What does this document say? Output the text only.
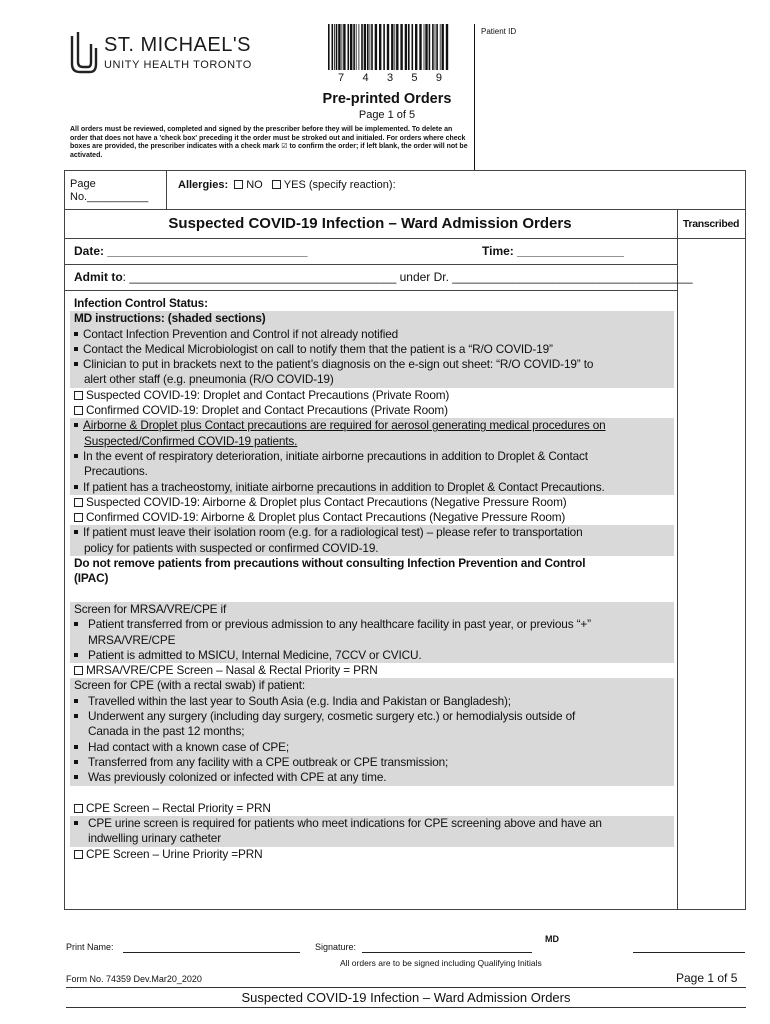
ST. MICHAEL'S
UNITY HEALTH TORONTO
7 4 3 5 9
Patient ID
Pre-printed Orders
Page 1 of 5
All orders must be reviewed, completed and signed by the prescriber before they will be implemented. To delete an order that does not have a 'check box' preceding it the order must be stroked out and initialed. For orders where check boxes are provided, the prescriber indicates with a check mark ☑ to confirm the order; if left blank, the order will not be activated.
Page
No.__________
Allergies: NO YES (specify reaction):
Suspected COVID-19 Infection – Ward Admission Orders	Transcribed
Date: ______________________________	Time: ________________
Admit to: ________________________________________ under Dr. ____________________________________
Infection Control Status:
MD instructions: (shaded sections)
Contact Infection Prevention and Control if not already notified
Contact the Medical Microbiologist on call to notify them that the patient is a “R/O COVID-19”
Clinician to put in brackets next to the patient’s diagnosis on the e-sign out sheet: “R/O COVID-19” to
alert other staff (e.g. pneumonia (R/O COVID-19)
Suspected COVID-19: Droplet and Contact Precautions (Private Room)
Confirmed COVID-19: Droplet and Contact Precautions (Private Room)
Airborne & Droplet plus Contact precautions are required for aerosol generating medical procedures on
Suspected/Confirmed COVID-19 patients.
In the event of respiratory deterioration, initiate airborne precautions in addition to Droplet & Contact
Precautions.
If patient has a tracheostomy, initiate airborne precautions in addition to Droplet & Contact Precautions.
Suspected COVID-19: Airborne & Droplet plus Contact Precautions (Negative Pressure Room)
Confirmed COVID-19: Airborne & Droplet plus Contact Precautions (Negative Pressure Room)
If patient must leave their isolation room (e.g. for a radiological test) – please refer to transportation
policy for patients with suspected or confirmed COVID-19.
Do not remove patients from precautions without consulting Infection Prevention and Control
(IPAC)
Screen for MRSA/VRE/CPE if
Patient transferred from or previous admission to any healthcare facility in past year, or previous “+”
MRSA/VRE/CPE
Patient is admitted to MSICU, Internal Medicine, 7CCV or CVICU.
MRSA/VRE/CPE Screen – Nasal & Rectal Priority = PRN
Screen for CPE (with a rectal swab) if patient:
Travelled within the last year to South Asia (e.g. India and Pakistan or Bangladesh);
Underwent any surgery (including day surgery, cosmetic surgery etc.) or hemodialysis outside of
Canada in the past 12 months;
Had contact with a known case of CPE;
Transferred from any facility with a CPE outbreak or CPE transmission;
Was previously colonized or infected with CPE at any time.
CPE Screen – Rectal Priority = PRN
CPE urine screen is required for patients who meet indications for CPE screening above and have an
indwelling urinary catheter
CPE Screen – Urine Priority =PRN
Print Name:	Signature:
MD
All orders are to be signed including Qualifying Initials
Form No. 74359 Dev.Mar20_2020	Page 1 of 5
Suspected COVID-19 Infection – Ward Admission Orders
